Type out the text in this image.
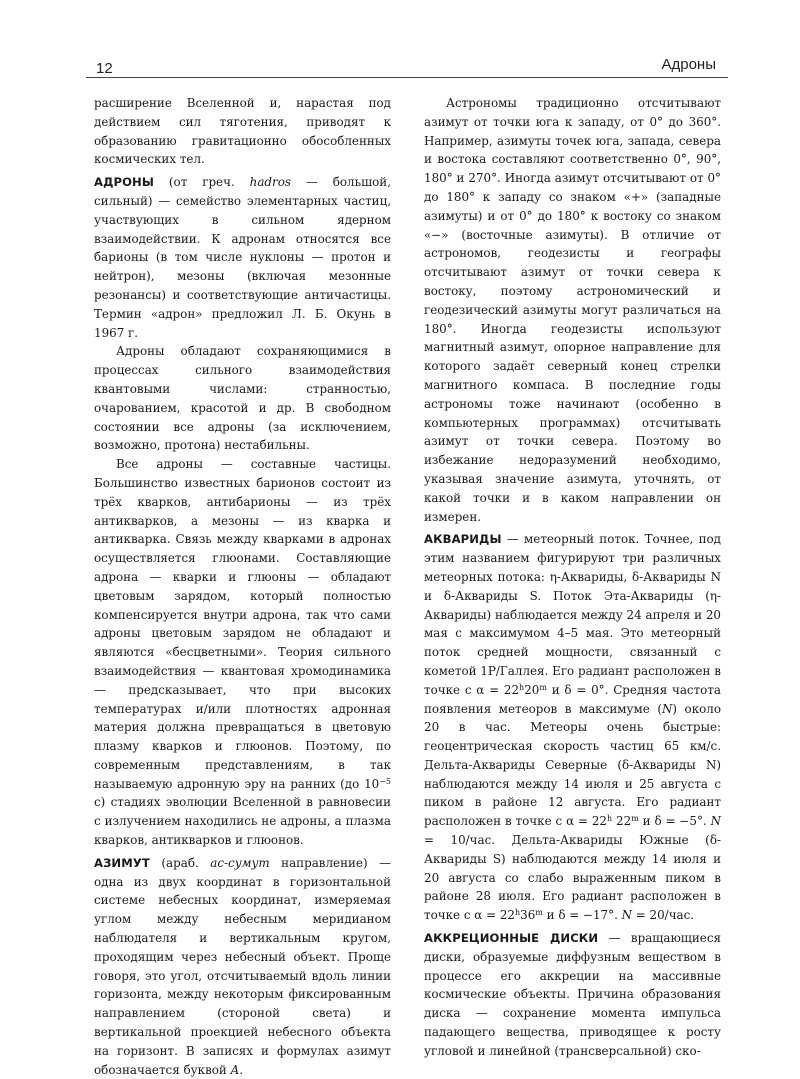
12	Адроны

расширение Вселенной и, нарастая под действием сил тяготения, приводят к образованию гравитационно обособленных космических тел.

АДРОНЫ (от греч. hadros — большой, сильный) — семейство элементарных частиц, участвующих в сильном ядерном взаимодействии. К адронам относятся все барионы (в том числе нуклоны — протон и нейтрон), мезоны (включая мезонные резонансы) и соответствующие античастицы. Термин «адрон» предложил Л. Б. Окунь в 1967 г.

Адроны обладают сохраняющимися в процессах сильного взаимодействия квантовыми числами: странностью, очарованием, красотой и др. В свободном состоянии все адроны (за исключением, возможно, протона) нестабильны.

Все адроны — составные частицы. Большинство известных барионов состоит из трёх кварков, антибарионы — из трёх антикварков, а мезоны — из кварка и антикварка. Связь между кварками в адронах осуществляется глюонами. Составляющие адрона — кварки и глюоны — обладают цветовым зарядом, который полностью компенсируется внутри адрона, так что сами адроны цветовым зарядом не обладают и являются «бесцветными». Теория сильного взаимодействия — квантовая хромодинамика — предсказывает, что при высоких температурах и/или плотностях адронная материя должна превращаться в цветовую плазму кварков и глюонов. Поэтому, по современным представлениям, в так называемую адронную эру на ранних (до $10^{-5}$ с) стадиях эволюции Вселенной в равновесии с излучением находились не адроны, а плазма кварков, антикварков и глюонов.

АЗИМУТ (араб. ас-сумут направление) — одна из двух координат в горизонтальной системе небесных координат, измеряемая углом между небесным меридианом наблюдателя и вертикальным кругом, проходящим через небесный объект. Проще говоря, это угол, отсчитываемый вдоль линии горизонта, между некоторым фиксированным направлением (стороной света) и вертикальной проекцией небесного объекта на горизонт. В записях и формулах азимут обозначается буквой A.

Астрономы традиционно отсчитывают азимут от точки юга к западу, от 0° до 360°. Например, азимуты точек юга, запада, севера и востока составляют соответственно 0°, 90°, 180° и 270°. Иногда азимут отсчитывают от 0° до 180° к западу со знаком «+» (западные азимуты) и от 0° до 180° к востоку со знаком «−» (восточные азимуты). В отличие от астрономов, геодезисты и географы отсчитывают азимут от точки севера к востоку, поэтому астрономический и геодезический азимуты могут различаться на 180°. Иногда геодезисты используют магнитный азимут, опорное направление для которого задаёт северный конец стрелки магнитного компаса. В последние годы астрономы тоже начинают (особенно в компьютерных программах) отсчитывать азимут от точки севера. Поэтому во избежание недоразумений необходимо, указывая значение азимута, уточнять, от какой точки и в каком направлении он измерен.

АКВАРИДЫ — метеорный поток. Точнее, под этим названием фигурируют три различных метеорных потока: η-Аквариды, δ-Аквариды N и δ-Аквариды S. Поток Эта-Аквариды (η-Аквариды) наблюдается между 24 апреля и 20 мая с максимумом 4–5 мая. Это метеорный поток средней мощности, связанный с кометой 1P/Галлея. Его радиант расположен в точке с $\alpha = 22^h20^m$ и δ = 0°. Средняя частота появления метеоров в максимуме (N) около 20 в час. Метеоры очень быстрые: геоцентрическая скорость частиц 65 км/с. Дельта-Аквариды Северные (δ-Аквариды N) наблюдаются между 14 июля и 25 августа с пиком в районе 12 августа. Его радиант расположен в точке с $\alpha = 22^h$ 22$^m$ и δ = −5°. N = 10/час. Дельта-Аквариды Южные (δ-Аквариды S) наблюдаются между 14 июля и 20 августа со слабо выраженным пиком в районе 28 июля. Его радиант расположен в точке с $\alpha = 22^h36^m$ и δ = −17°. N = 20/час.

АККРЕЦИОННЫЕ ДИСКИ — вращающиеся диски, образуемые диффузным веществом в процессе его аккреции на массивные космические объекты. Причина образования диска — сохранение момента импульса падающего вещества, приводящее к росту угловой и линейной (трансверсальной) ско-
